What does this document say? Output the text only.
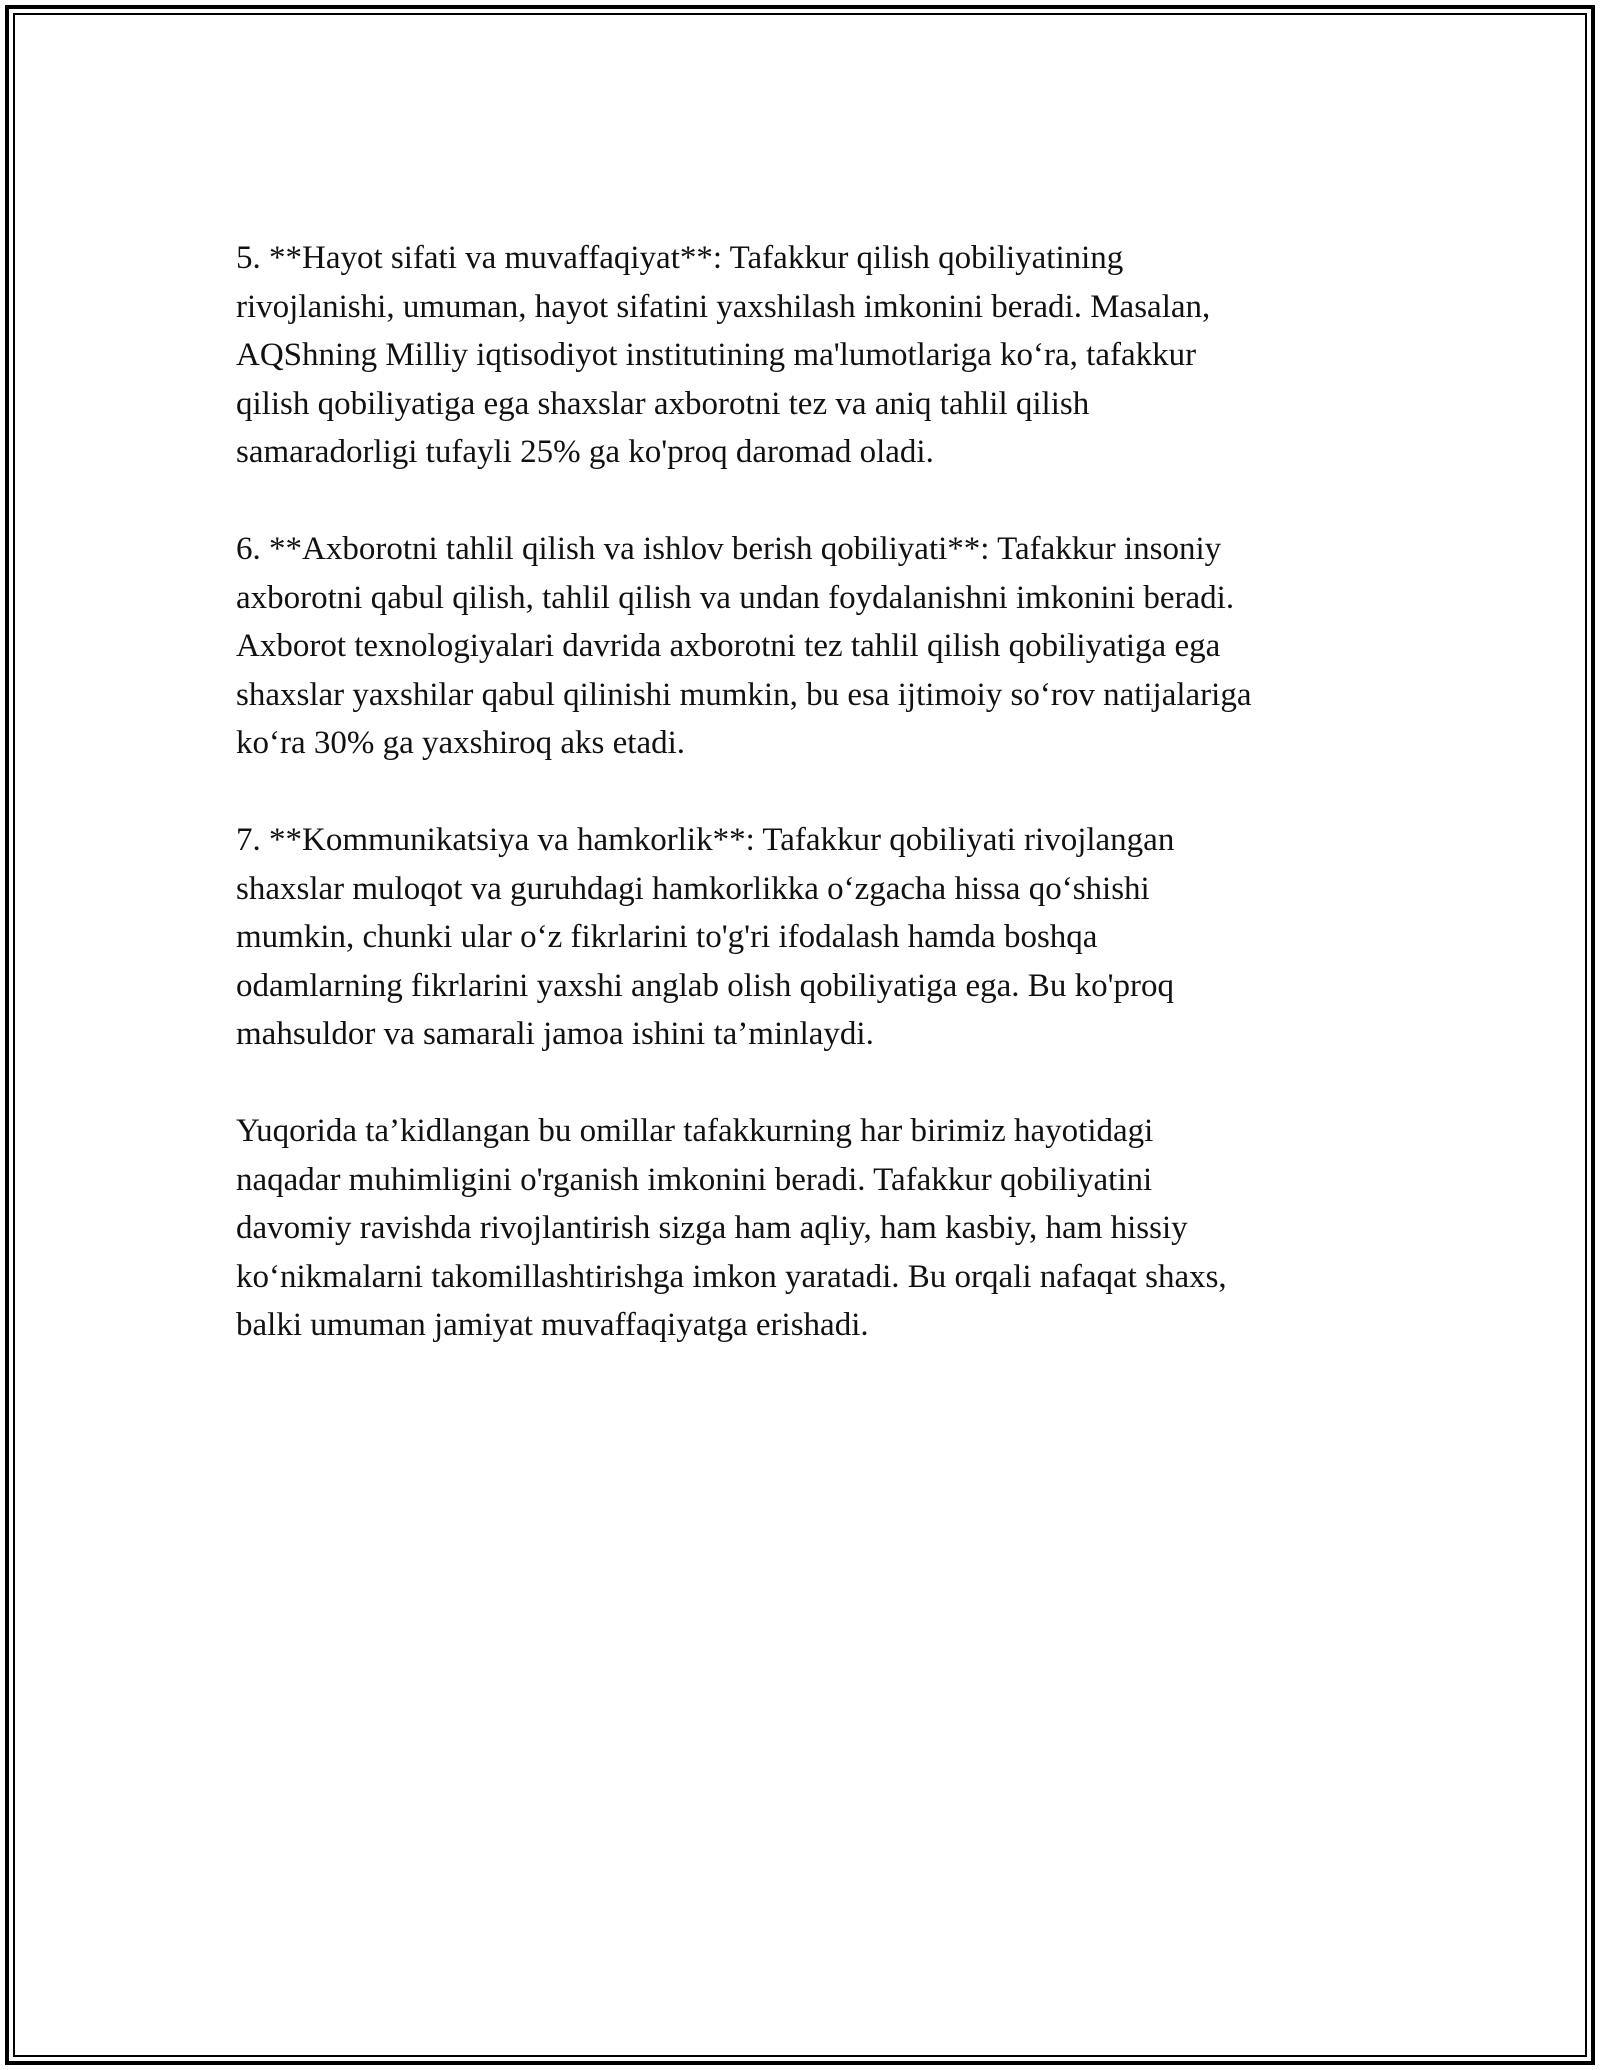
5. **Hayot sifati va muvaffaqiyat**: Tafakkur qilish qobiliyatining
rivojlanishi, umuman, hayot sifatini yaxshilash imkonini beradi. Masalan,
AQShning Milliy iqtisodiyot institutining ma'lumotlariga ko‘ra, tafakkur
qilish qobiliyatiga ega shaxslar axborotni tez va aniq tahlil qilish
samaradorligi tufayli 25% ga ko'proq daromad oladi.

6. **Axborotni tahlil qilish va ishlov berish qobiliyati**: Tafakkur insoniy
axborotni qabul qilish, tahlil qilish va undan foydalanishni imkonini beradi.
Axborot texnologiyalari davrida axborotni tez tahlil qilish qobiliyatiga ega
shaxslar yaxshilar qabul qilinishi mumkin, bu esa ijtimoiy so‘rov natijalariga
ko‘ra 30% ga yaxshiroq aks etadi.

7. **Kommunikatsiya va hamkorlik**: Tafakkur qobiliyati rivojlangan
shaxslar muloqot va guruhdagi hamkorlikka o‘zgacha hissa qo‘shishi
mumkin, chunki ular o‘z fikrlarini to'g'ri ifodalash hamda boshqa
odamlarning fikrlarini yaxshi anglab olish qobiliyatiga ega. Bu ko'proq
mahsuldor va samarali jamoa ishini ta’minlaydi.

Yuqorida ta’kidlangan bu omillar tafakkurning har birimiz hayotidagi
naqadar muhimligini o'rganish imkonini beradi. Tafakkur qobiliyatini
davomiy ravishda rivojlantirish sizga ham aqliy, ham kasbiy, ham hissiy
ko‘nikmalarni takomillashtirishga imkon yaratadi. Bu orqali nafaqat shaxs,
balki umuman jamiyat muvaffaqiyatga erishadi.
